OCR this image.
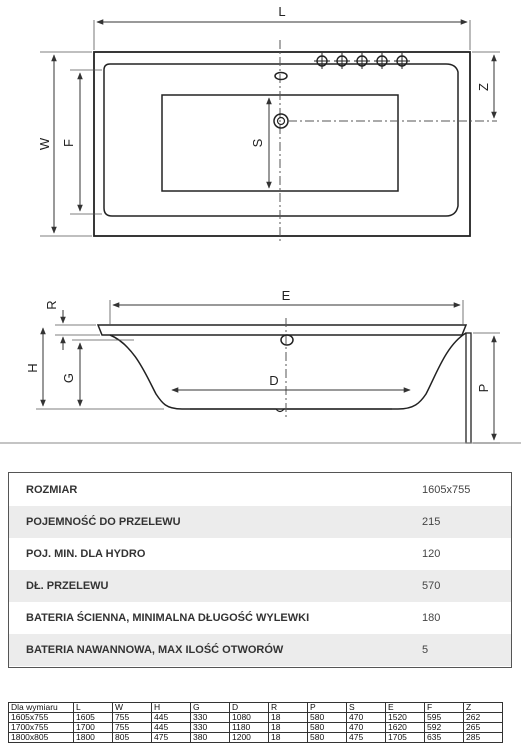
L
W F	S
Z
E
R
H
G	D	P
ROZMIAR	1605x755
POJEMNOŚĆ DO PRZELEWU	215
POJ. MIN. DLA HYDRO	120
DŁ. PRZELEWU	570
BATERIA ŚCIENNA, MINIMALNA DŁUGOŚĆ WYLEWKI	180
BATERIA NAWANNOWA, MAX ILOŚĆ OTWORÓW	5
Dla wymiaru	L	W	H	G	D	R	P	S	E	F	Z
1605x755	1605	755	445	330	1080	18	580	470	1520	595	262
1700x755	1700	755	445	330	1180	18	580	470	1620	592	265
1800x805	1800	805	475	380	1200	18	580	475	1705	635	285
